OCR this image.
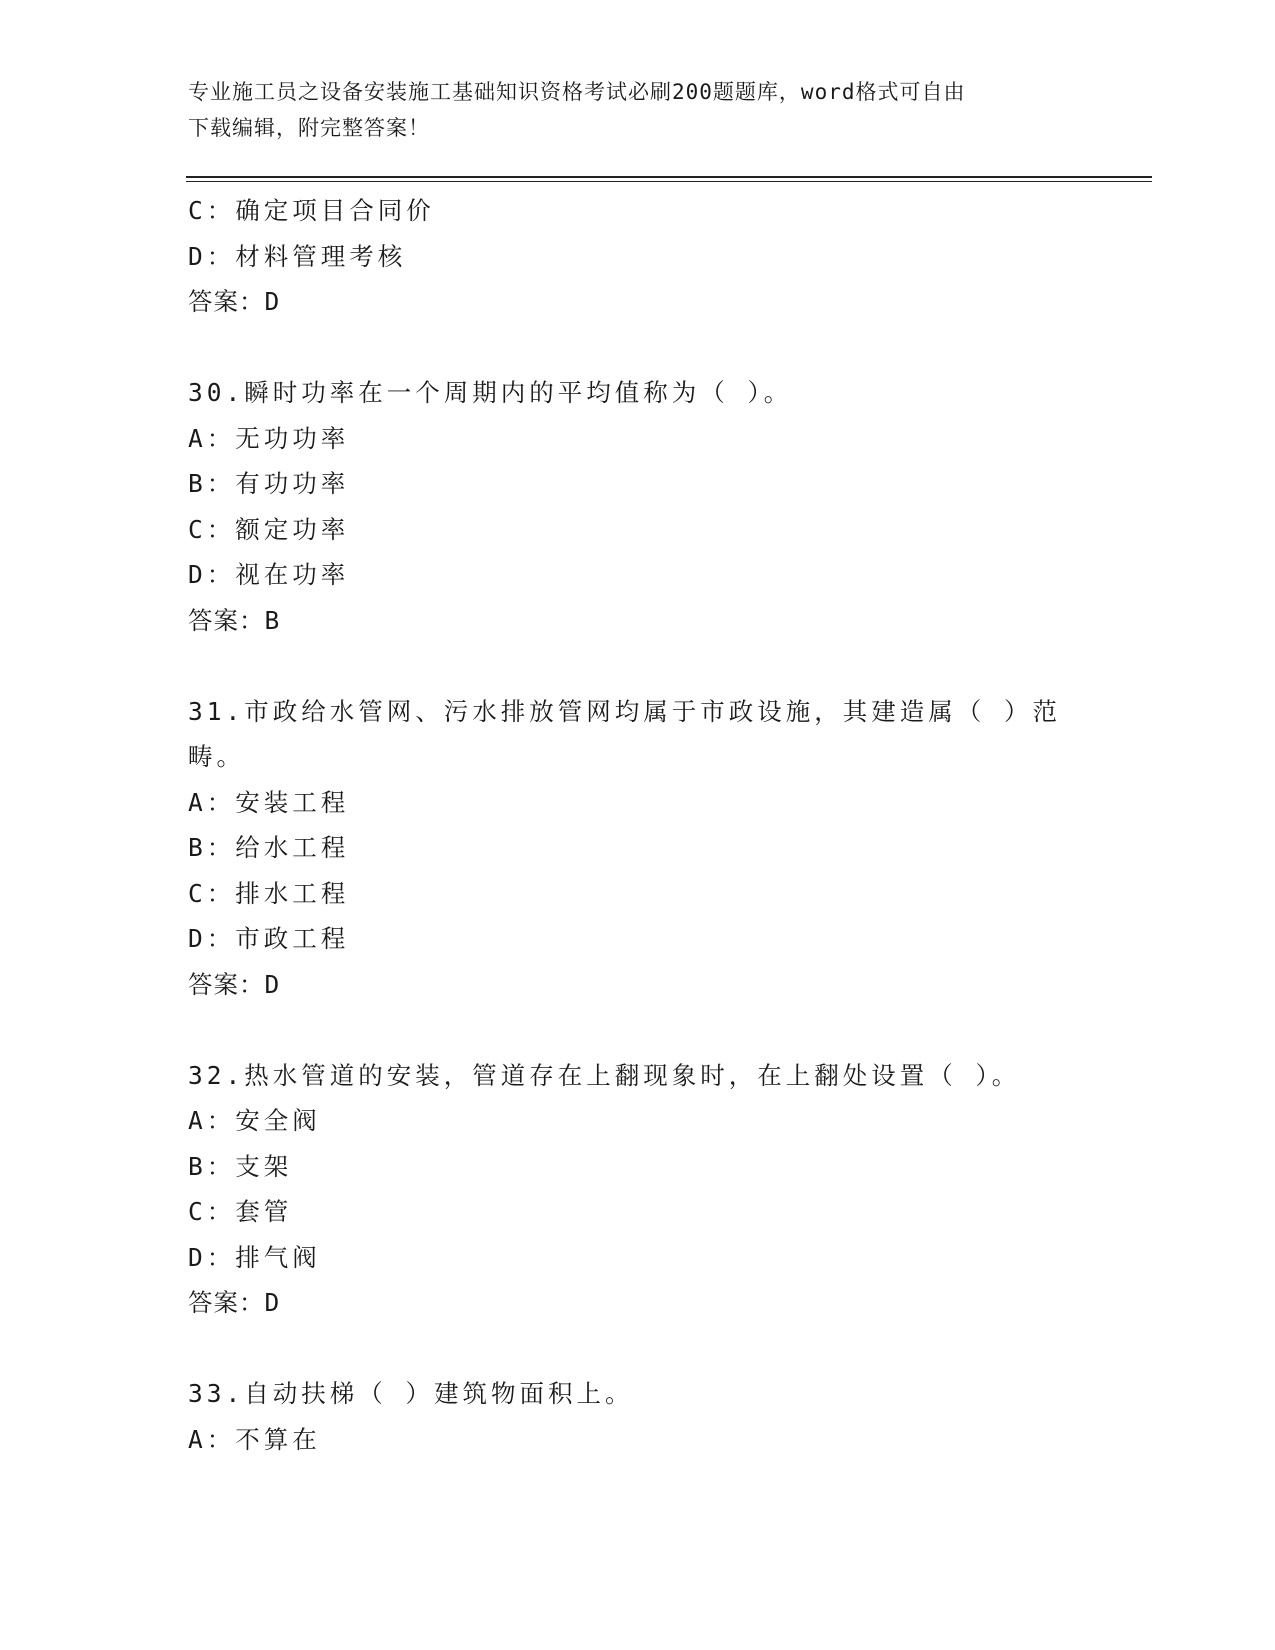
专业施工员之设备安装施工基础知识资格考试必刷200题题库，word格式可自由
下载编辑，附完整答案！
C：确定项目合同价
D：材料管理考核
答案：D
30.瞬时功率在一个周期内的平均值称为（ ）。
A：无功功率
B：有功功率
C：额定功率
D：视在功率
答案：B
31.市政给水管网、污水排放管网均属于市政设施，其建造属（ ）范
畴。
A：安装工程
B：给水工程
C：排水工程
D：市政工程
答案：D
32.热水管道的安装，管道存在上翻现象时，在上翻处设置（ ）。
A：安全阀
B：支架
C：套管
D：排气阀
答案：D
33.自动扶梯（ ）建筑物面积上。
A：不算在
